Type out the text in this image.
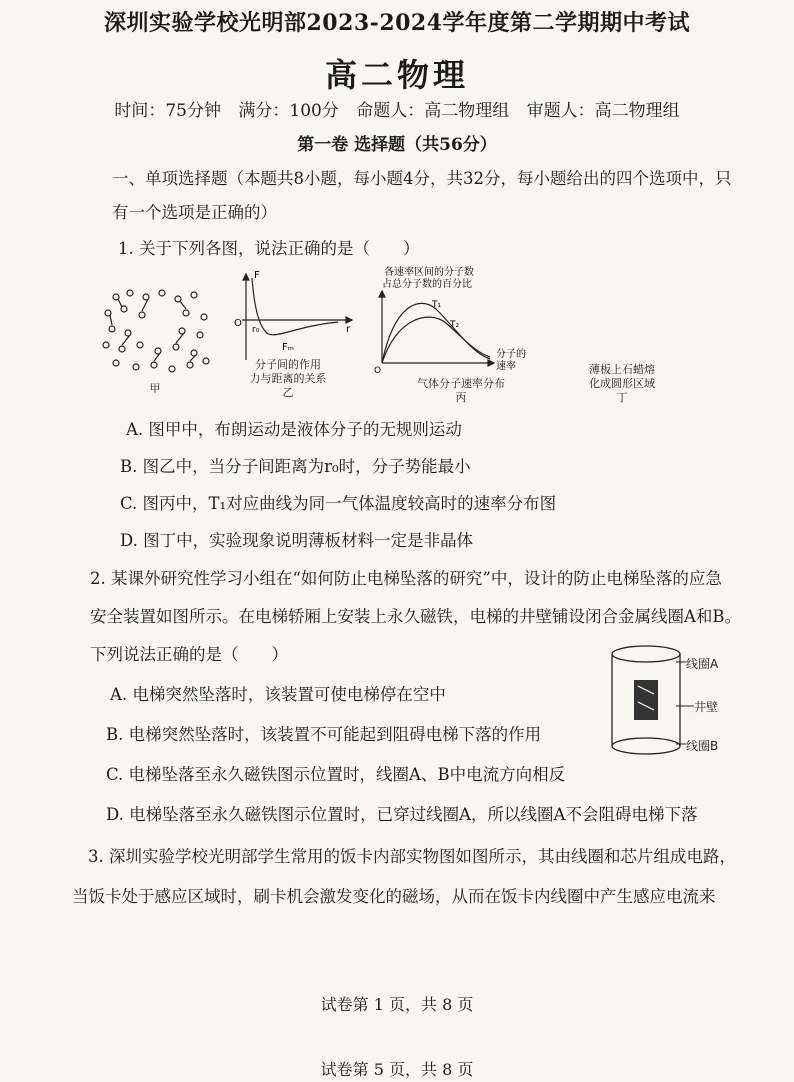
深圳实验学校光明部2023-2024学年度第二学期期中考试
高二物理
时间：75分钟 满分：100分 命题人：高二物理组 审题人：高二物理组
第一卷 选择题（共56分）
一、单项选择题（本题共8小题，每小题4分，共32分，每小题给出的四个选项中，只
有一个选项是正确的）
1. 关于下列各图，说法正确的是（　　）
甲
F
r
O
r₀
Fₘ
分子间的作用
力与距离的关系
乙
各速率区间的分子数
占总分子数的百分比
T₁
T₂
O
分子的
速率
气体分子速率分布
丙
薄板上石蜡熔
化成圆形区域
丁
A. 图甲中，布朗运动是液体分子的无规则运动
B. 图乙中，当分子间距离为r₀时，分子势能最小
C. 图丙中，T₁对应曲线为同一气体温度较高时的速率分布图
D. 图丁中，实验现象说明薄板材料一定是非晶体
2. 某课外研究性学习小组在“如何防止电梯坠落的研究”中，设计的防止电梯坠落的应急
安全装置如图所示。在电梯轿厢上安装上永久磁铁，电梯的井壁铺设闭合金属线圈A和B。
下列说法正确的是（　　）	线圈A
井壁
线圈B
A. 电梯突然坠落时，该装置可使电梯停在空中
B. 电梯突然坠落时，该装置不可能起到阻碍电梯下落的作用
C. 电梯坠落至永久磁铁图示位置时，线圈A、B中电流方向相反
D. 电梯坠落至永久磁铁图示位置时，已穿过线圈A，所以线圈A不会阻碍电梯下落
3. 深圳实验学校光明部学生常用的饭卡内部实物图如图所示，其由线圈和芯片组成电路，
当饭卡处于感应区域时，刷卡机会激发变化的磁场，从而在饭卡内线圈中产生感应电流来
试卷第 1 页，共 8 页
试卷第 5 页，共 8 页
